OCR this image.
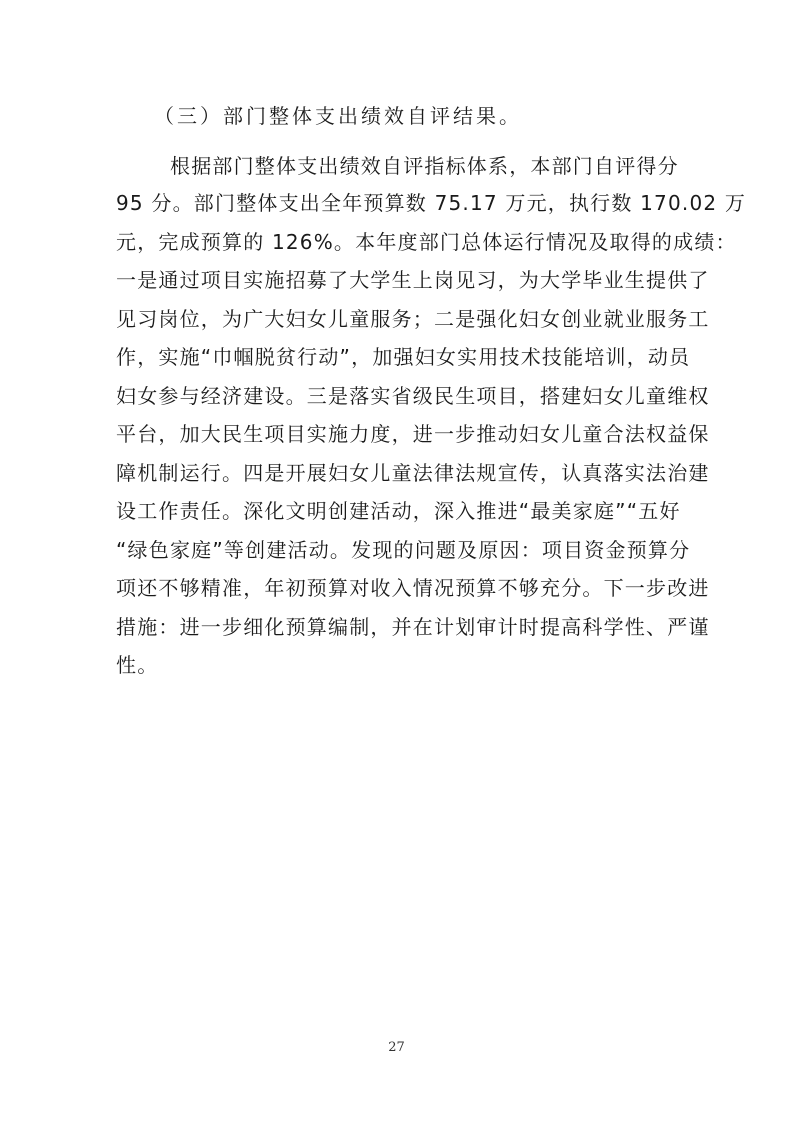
（三）部门整体支出绩效自评结果。
根据部门整体支出绩效自评指标体系，本部门自评得分
95 分。部门整体支出全年预算数 75.17 万元，执行数 170.02 万
元，完成预算的 126%。本年度部门总体运行情况及取得的成绩：
一是通过项目实施招募了大学生上岗见习，为大学毕业生提供了
见习岗位，为广大妇女儿童服务；二是强化妇女创业就业服务工
作，实施“巾帼脱贫行动”，加强妇女实用技术技能培训，动员
妇女参与经济建设。三是落实省级民生项目，搭建妇女儿童维权
平台，加大民生项目实施力度，进一步推动妇女儿童合法权益保
障机制运行。四是开展妇女儿童法律法规宣传，认真落实法治建
设工作责任。深化文明创建活动，深入推进“最美家庭”“五好
“绿色家庭”等创建活动。发现的问题及原因：项目资金预算分
项还不够精准，年初预算对收入情况预算不够充分。下一步改进
措施：进一步细化预算编制，并在计划审计时提高科学性、严谨
性。
27
